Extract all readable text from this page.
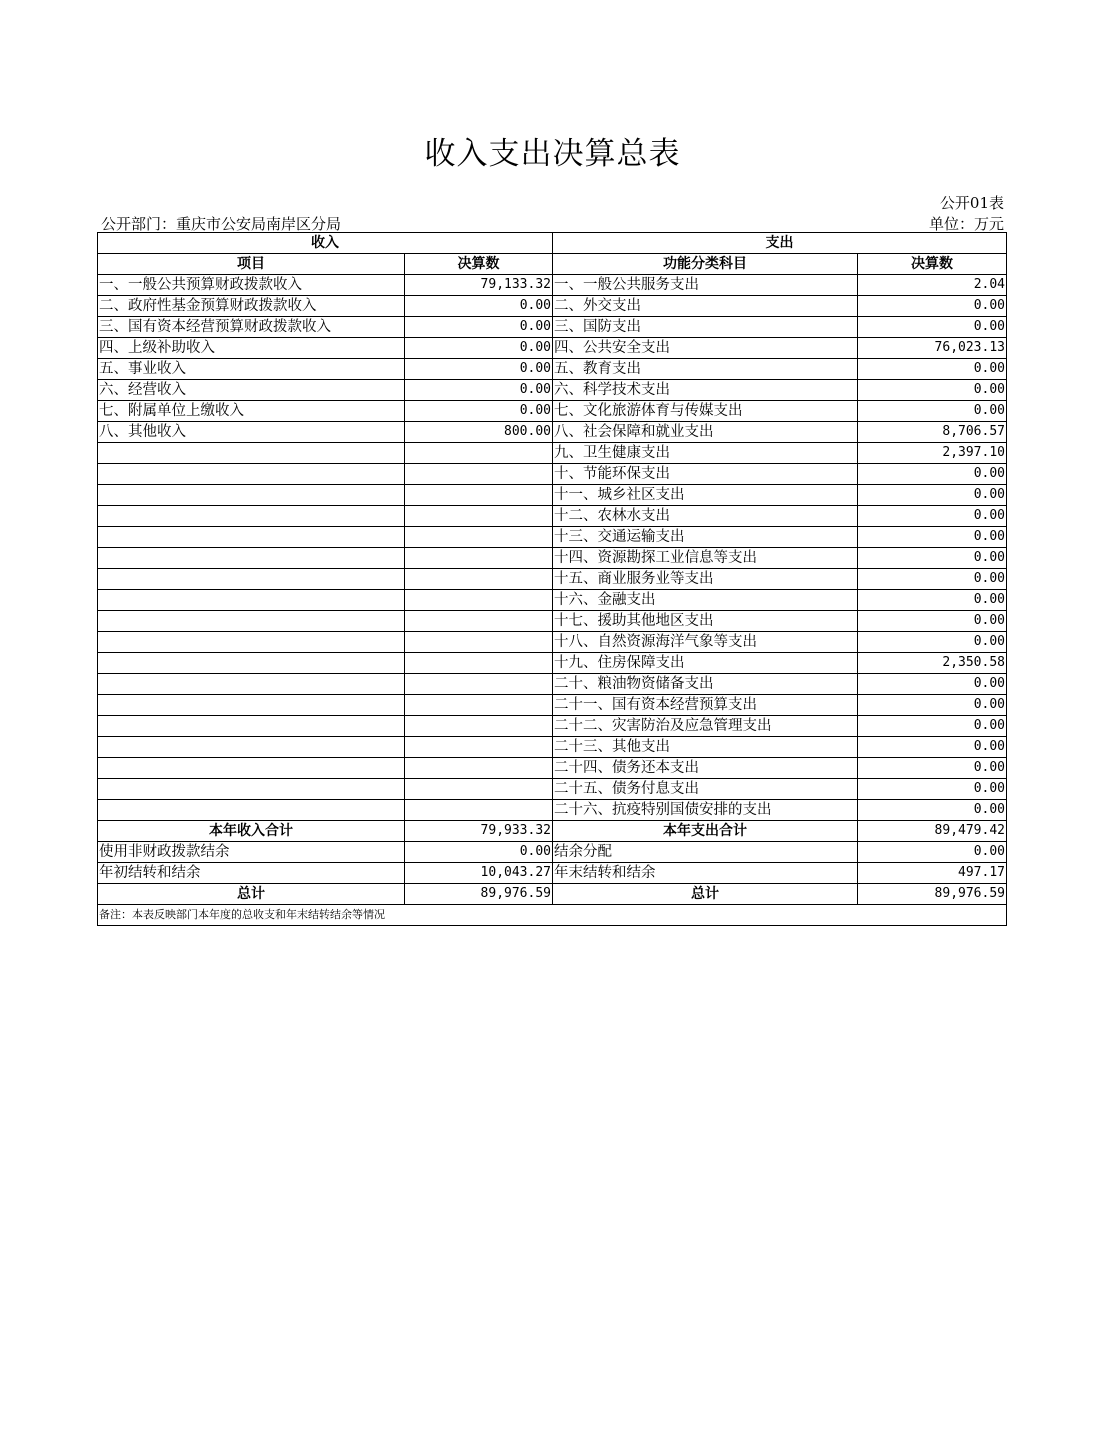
收入支出决算总表
公开01表
公开部门：重庆市公安局南岸区分局	单位：万元
收入		支出	
项目	决算数	功能分类科目	决算数
一、一般公共预算财政拨款收入	79,133.32	一、一般公共服务支出	2.04
二、政府性基金预算财政拨款收入	0.00	二、外交支出	0.00
三、国有资本经营预算财政拨款收入	0.00	三、国防支出	0.00
四、上级补助收入	0.00	四、公共安全支出	76,023.13
五、事业收入	0.00	五、教育支出	0.00
六、经营收入	0.00	六、科学技术支出	0.00
七、附属单位上缴收入	0.00	七、文化旅游体育与传媒支出	0.00
八、其他收入	800.00	八、社会保障和就业支出	8,706.57
		九、卫生健康支出	2,397.10
		十、节能环保支出	0.00
		十一、城乡社区支出	0.00
		十二、农林水支出	0.00
		十三、交通运输支出	0.00
		十四、资源勘探工业信息等支出	0.00
		十五、商业服务业等支出	0.00
		十六、金融支出	0.00
		十七、援助其他地区支出	0.00
		十八、自然资源海洋气象等支出	0.00
		十九、住房保障支出	2,350.58
		二十、粮油物资储备支出	0.00
		二十一、国有资本经营预算支出	0.00
		二十二、灾害防治及应急管理支出	0.00
		二十三、其他支出	0.00
		二十四、债务还本支出	0.00
		二十五、债务付息支出	0.00
		二十六、抗疫特别国债安排的支出	0.00
本年收入合计	79,933.32	本年支出合计	89,479.42
使用非财政拨款结余	0.00	结余分配	0.00
年初结转和结余	10,043.27	年末结转和结余	497.17
总计	89,976.59	总计	89,976.59
备注：本表反映部门本年度的总收支和年末结转结余等情况			
